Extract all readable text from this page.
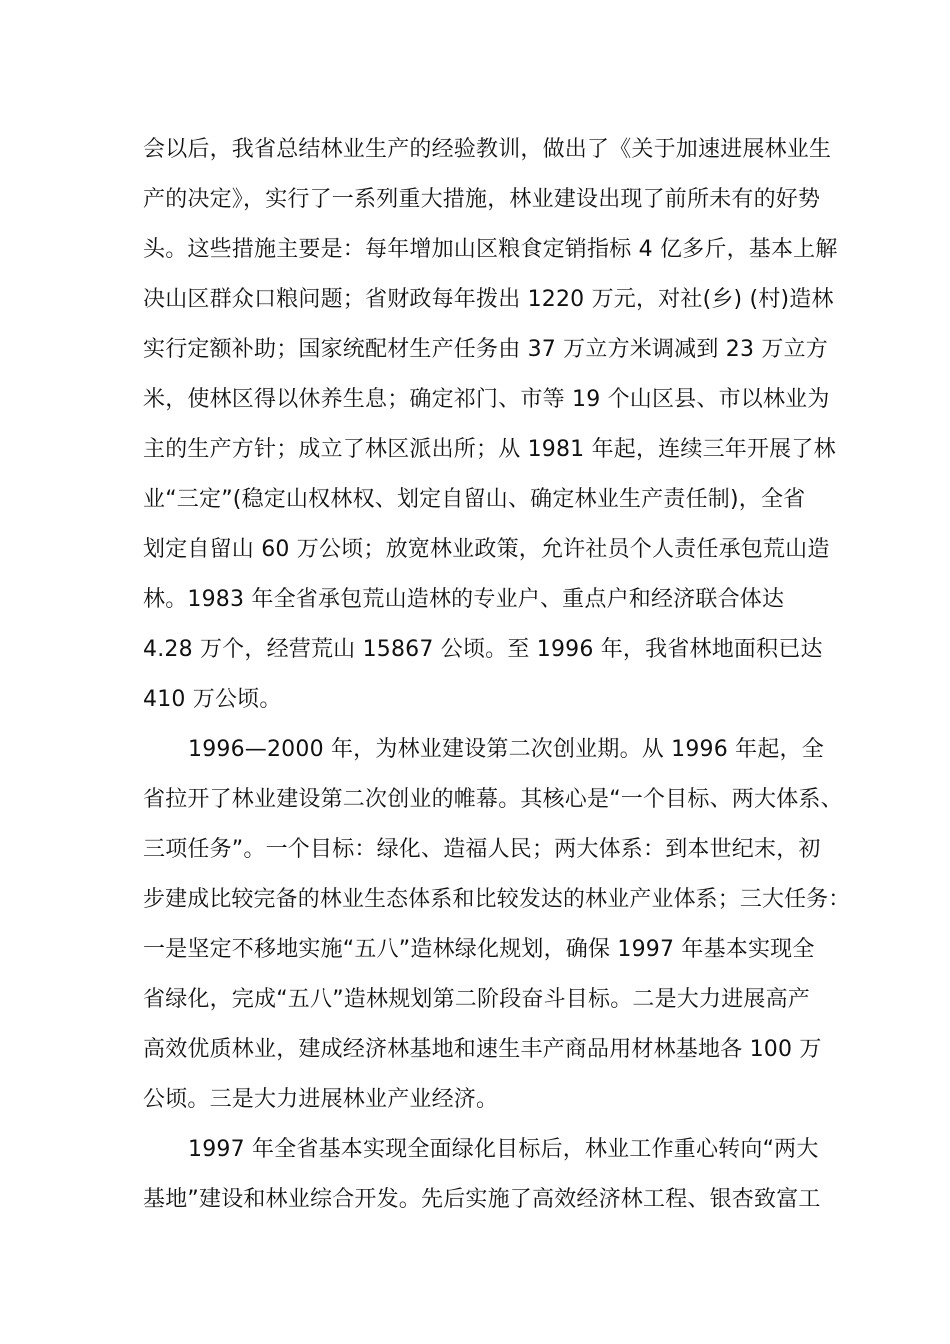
会以后，我省总结林业生产的经验教训，做出了《关于加速进展林业生
产的决定》，实行了一系列重大措施，林业建设出现了前所未有的好势
头。这些措施主要是：每年增加山区粮食定销指标 4 亿多斤，基本上解
决山区群众口粮问题；省财政每年拨出 1220 万元，对社(乡) (村)造林
实行定额补助；国家统配材生产任务由 37 万立方米调减到 23 万立方
米，使林区得以休养生息；确定祁门、市等 19 个山区县、市以林业为
主的生产方针；成立了林区派出所；从 1981 年起，连续三年开展了林
业“三定”(稳定山权林权、划定自留山、确定林业生产责任制)，全省
划定自留山 60 万公顷；放宽林业政策，允许社员个人责任承包荒山造
林。1983 年全省承包荒山造林的专业户、重点户和经济联合体达
4.28 万个，经营荒山 15867 公顷。至 1996 年，我省林地面积已达
410 万公顷。
1996—2000 年，为林业建设第二次创业期。从 1996 年起，全
省拉开了林业建设第二次创业的帷幕。其核心是“一个目标、两大体系、
三项任务”。一个目标：绿化、造福人民；两大体系：到本世纪末，初
步建成比较完备的林业生态体系和比较发达的林业产业体系；三大任务：
一是坚定不移地实施“五八”造林绿化规划，确保 1997 年基本实现全
省绿化，完成“五八”造林规划第二阶段奋斗目标。二是大力进展高产
高效优质林业，建成经济林基地和速生丰产商品用材林基地各 100 万
公顷。三是大力进展林业产业经济。
1997 年全省基本实现全面绿化目标后，林业工作重心转向“两大
基地”建设和林业综合开发。先后实施了高效经济林工程、银杏致富工
